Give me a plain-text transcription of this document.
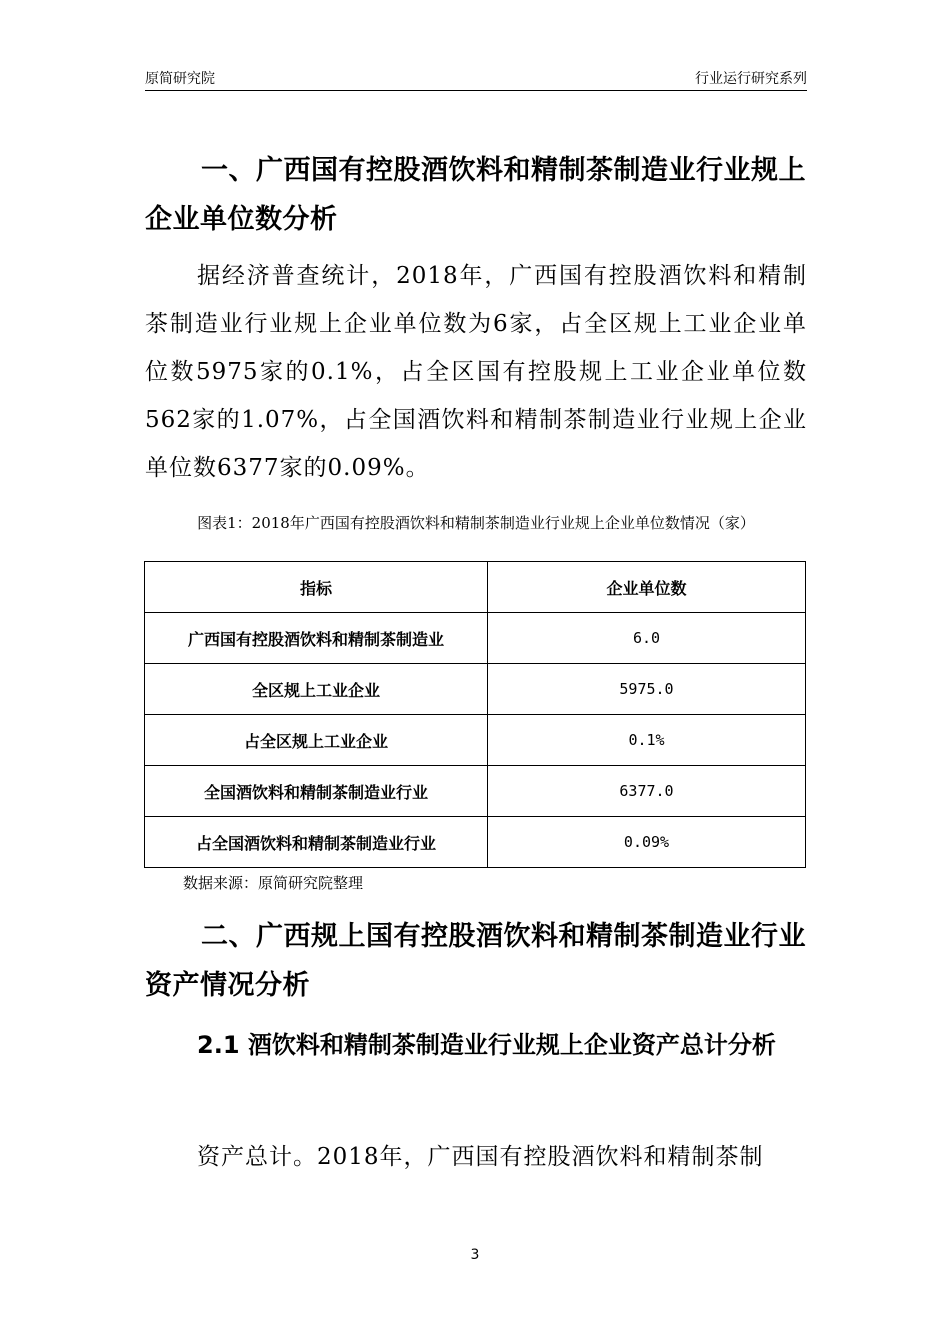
原简研究院	行业运行研究系列
一、广西国有控股酒饮料和精制茶制造业行业规上企业单位数分析
据经济普查统计，2018年，广西国有控股酒饮料和精制茶制造业行业规上企业单位数为6家，占全区规上工业企业单位数5975家的0.1%，占全区国有控股规上工业企业单位数562家的1.07%，占全国酒饮料和精制茶制造业行业规上企业单位数6377家的0.09%。
图表1：2018年广西国有控股酒饮料和精制茶制造业行业规上企业单位数情况（家）
指标	企业单位数
广西国有控股酒饮料和精制茶制造业	6.0
全区规上工业企业	5975.0
占全区规上工业企业	0.1%
全国酒饮料和精制茶制造业行业	6377.0
占全国酒饮料和精制茶制造业行业	0.09%
数据来源：原简研究院整理
二、广西规上国有控股酒饮料和精制茶制造业行业资产情况分析
2.1 酒饮料和精制茶制造业行业规上企业资产总计分析
资产总计。2018年，广西国有控股酒饮料和精制茶制
3
